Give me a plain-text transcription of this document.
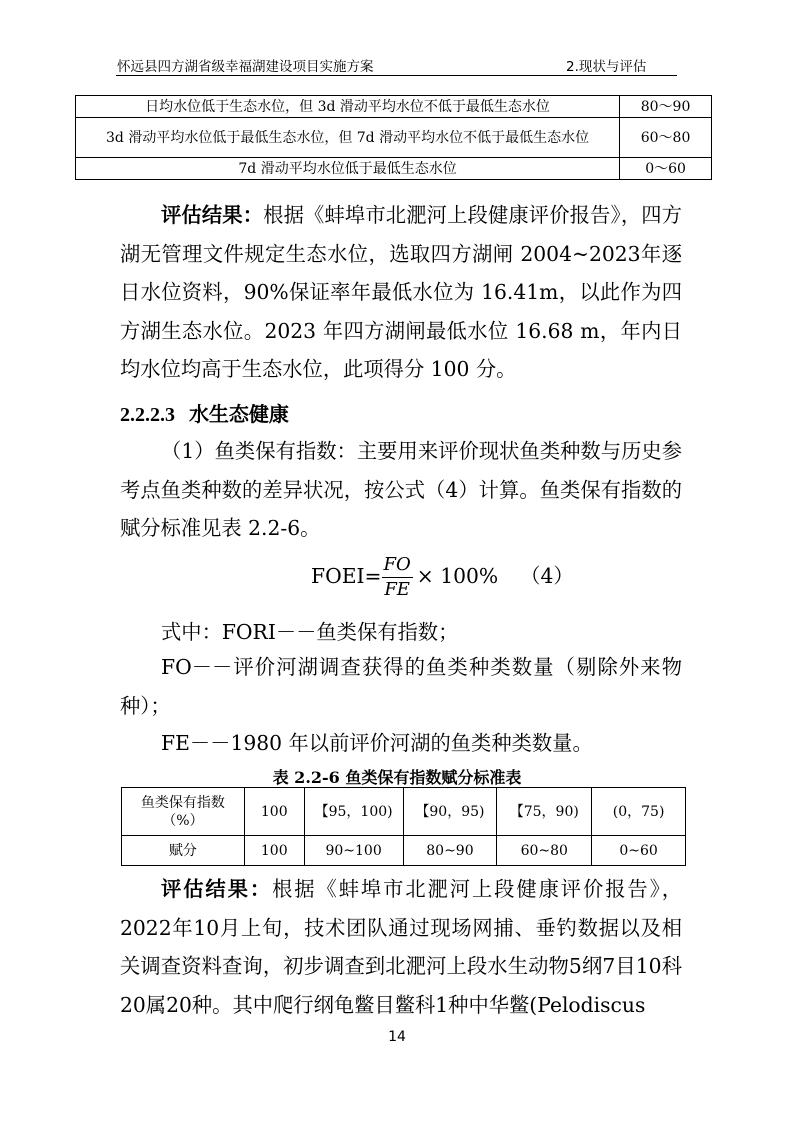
怀远县四方湖省级幸福湖建设项目实施方案	2.现状与评估
日均水位低于生态水位，但 3d 滑动平均水位不低于最低生态水位	80～90
3d 滑动平均水位低于最低生态水位，但 7d 滑动平均水位不低于最低生态水位	60～80
7d 滑动平均水位低于最低生态水位	0～60

评估结果：根据《蚌埠市北淝河上段健康评价报告》，四方湖无管理文件规定生态水位，选取四方湖闸 2004~2023年逐日水位资料，90%保证率年最低水位为 16.41m，以此作为四方湖生态水位。2023 年四方湖闸最低水位 16.68 m，年内日均水位均高于生态水位，此项得分 100 分。

2.2.2.3 水生态健康

（1）鱼类保有指数：主要用来评价现状鱼类种数与历史参考点鱼类种数的差异状况，按公式（4）计算。鱼类保有指数的赋分标准见表 2.2-6。

FOEI= $\frac{FO}{FE} \times 100\%$ （4）
式中：FORI－－鱼类保有指数；

FO－－评价河湖调查获得的鱼类种类数量（剔除外来物种）；

FE－－1980 年以前评价河湖的鱼类种类数量。
表 2.2-6 鱼类保有指数赋分标准表
鱼类保有指数（%）	100	【95，100)	【90，95)	【75，90)	(0，75)
赋分	100	90~100	80~90	60~80	0~60

评估结果：根据《蚌埠市北淝河上段健康评价报告》，2022年10月上旬，技术团队通过现场网捕、垂钓数据以及相关调查资料查询，初步调查到北淝河上段水生动物5纲7目10科20属20种。其中爬行纲龟鳖目鳖科1种中华鳖(Pelodiscus

14
